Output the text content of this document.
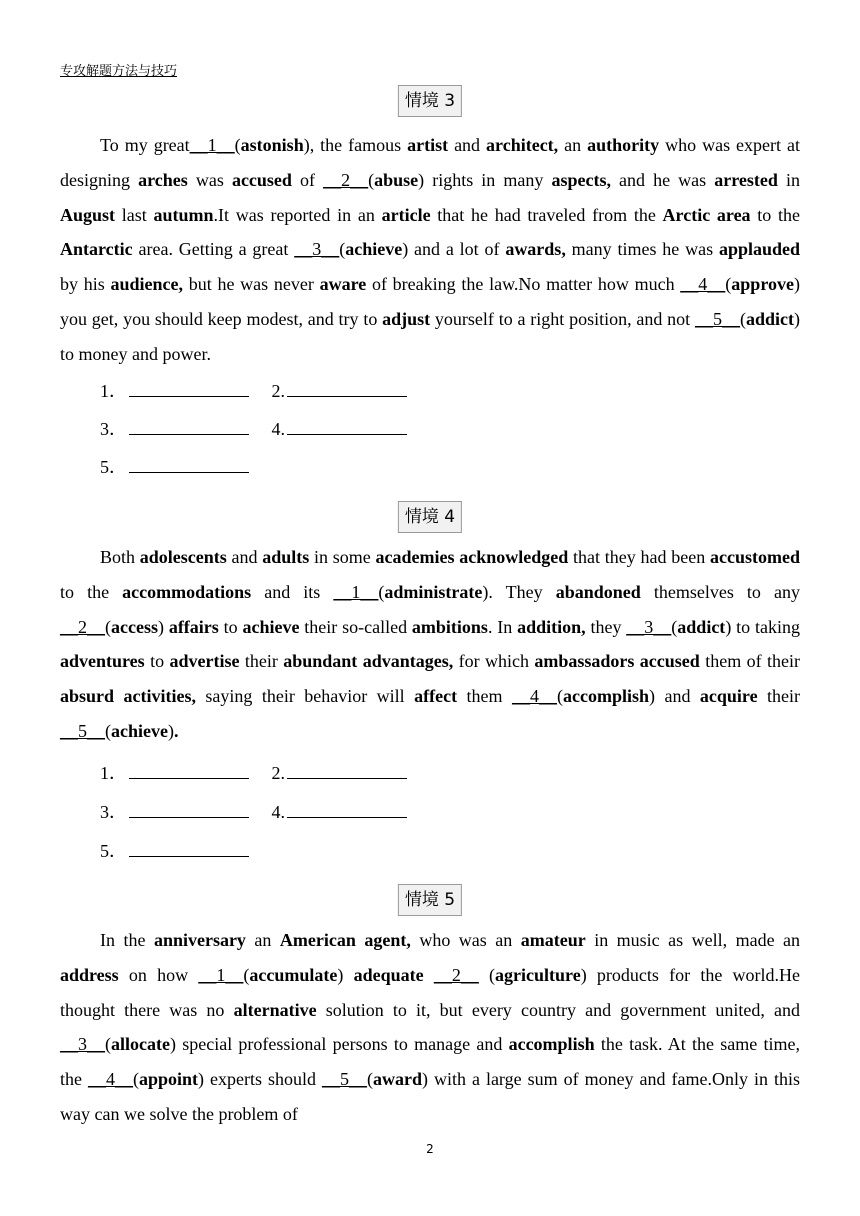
专攻解题方法与技巧
情境 3

To my great__1__(astonish), the famous artist and architect, an authority who was expert at designing arches was accused of __2__(abuse) rights in many aspects, and he was arrested in August last autumn.It was reported in an article that he had traveled from the Arctic area to the Antarctic area. Getting a great __3__(achieve) and a lot of awards, many times he was applauded by his audience, but he was never aware of breaking the law.No matter how much __4__(approve) you get, you should keep modest, and try to adjust yourself to a right position, and not __5__(addict) to money and power.

1．	2.
3．	4.
5．
情境 4

Both adolescents and adults in some academies acknowledged that they had been accustomed to the accommodations and its __1__(administrate). They abandoned themselves to any __2__(access) affairs to achieve their so-called ambitions. In addition, they __3__(addict) to taking adventures to advertise their abundant advantages, for which ambassadors accused them of their absurd activities, saying their behavior will affect them __4__(accomplish) and acquire their __5__(achieve).

1．	2.
3．	4.
5．
情境 5

In the anniversary an American agent, who was an amateur in music as well, made an address on how __1__(accumulate) adequate __2__ (agriculture) products for the world.He thought there was no alternative solution to it, but every country and government united, and __3__(allocate) special professional persons to manage and accomplish the task. At the same time, the __4__(appoint) experts should __5__(award) with a large sum of money and fame.Only in this way can we solve the problem of

2
